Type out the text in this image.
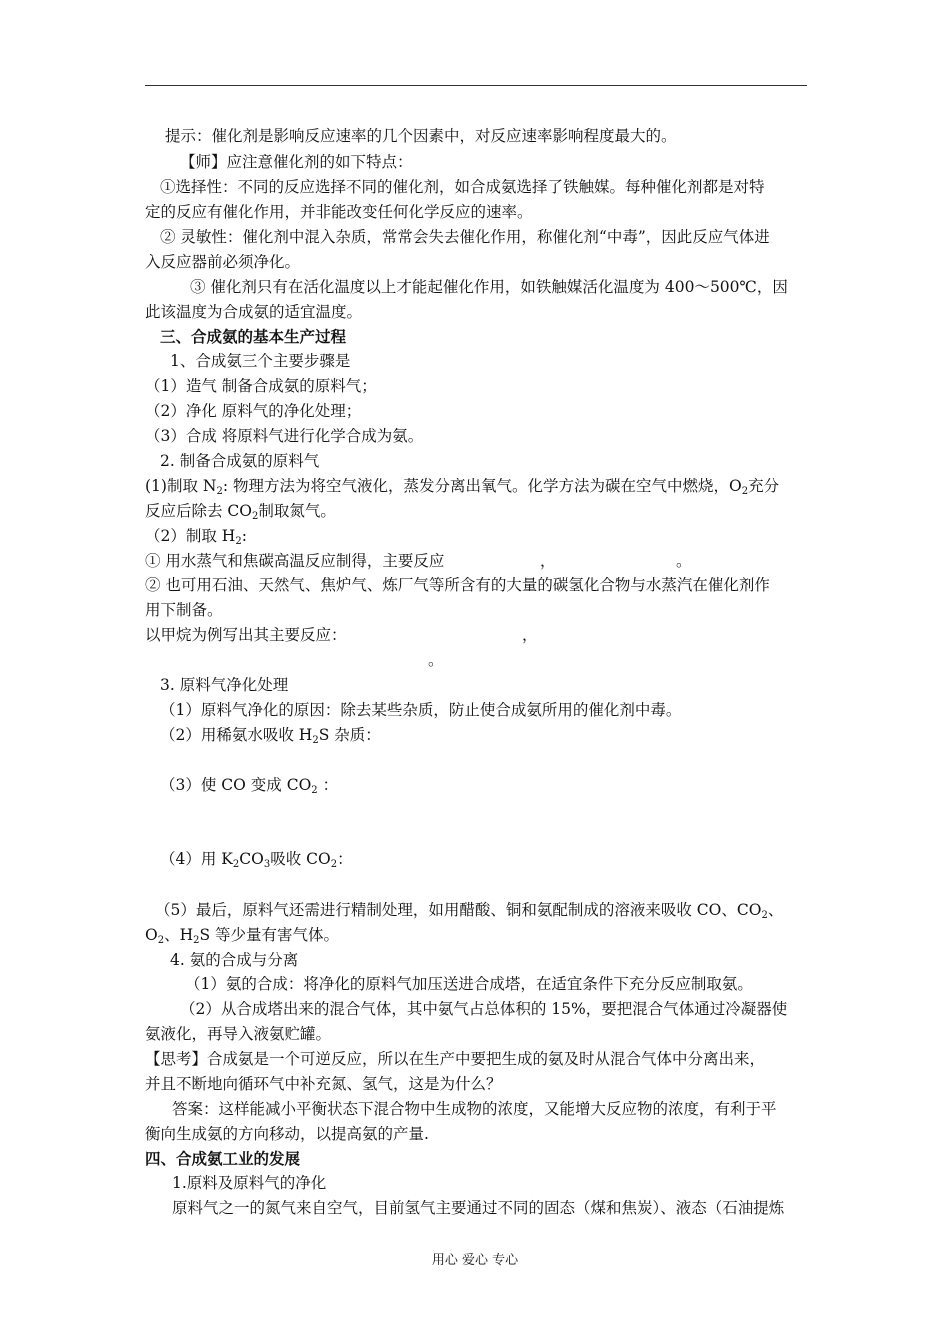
提示：催化剂是影响反应速率的几个因素中，对反应速率影响程度最大的。
【师】应注意催化剂的如下特点：
①选择性：不同的反应选择不同的催化剂，如合成氨选择了铁触媒。每种催化剂都是对特
定的反应有催化作用，并非能改变任何化学反应的速率。
② 灵敏性：催化剂中混入杂质，常常会失去催化作用，称催化剂“中毒”，因此反应气体进
入反应器前必须净化。
③ 催化剂只有在活化温度以上才能起催化作用，如铁触媒活化温度为 400～500℃，因
此该温度为合成氨的适宜温度。
三、合成氨的基本生产过程
1、合成氨三个主要步骤是
（1）造气 制备合成氨的原料气；
（2）净化 原料气的净化处理；
（3）合成 将原料气进行化学合成为氨。
2. 制备合成氨的原料气
(1)制取 $N_2$: 物理方法为将空气液化，蒸发分离出氧气。化学方法为碳在空气中燃烧，$O_2$充分
反应后除去 $CO_2$制取氮气。
（2）制取 $H_2$:
① 用水蒸气和焦碳高温反应制得，主要反应	，	。
② 也可用石油、天然气、焦炉气、炼厂气等所含有的大量的碳氢化合物与水蒸汽在催化剂作
用下制备。
以甲烷为例写出其主要反应：	，
。
3. 原料气净化处理
（1）原料气净化的原因：除去某些杂质，防止使合成氨所用的催化剂中毒。
（2）用稀氨水吸收 $H_2S$ 杂质：
（3）使 CO 变成 $CO_2$ ：
（4）用 $K_2CO_3$吸收 $CO_2$：
（5）最后，原料气还需进行精制处理，如用醋酸、铜和氨配制成的溶液来吸收 CO、$CO_2$、
$O_2$、$H_2S$ 等少量有害气体。
4. 氨的合成与分离
（1）氨的合成：将净化的原料气加压送进合成塔，在适宜条件下充分反应制取氨。
（2）从合成塔出来的混合气体，其中氨气占总体积的 15%，要把混合气体通过冷凝器使
氨液化，再导入液氨贮罐。
【思考】合成氨是一个可逆反应，所以在生产中要把生成的氨及时从混合气体中分离出来，
并且不断地向循环气中补充氮、氢气，这是为什么？
答案：这样能减小平衡状态下混合物中生成物的浓度，又能增大反应物的浓度，有利于平
衡向生成氨的方向移动，以提高氨的产量.
四、合成氨工业的发展
1.原料及原料气的净化
原料气之一的氮气来自空气，目前氢气主要通过不同的固态（煤和焦炭）、液态（石油提炼
用心 爱心 专心
